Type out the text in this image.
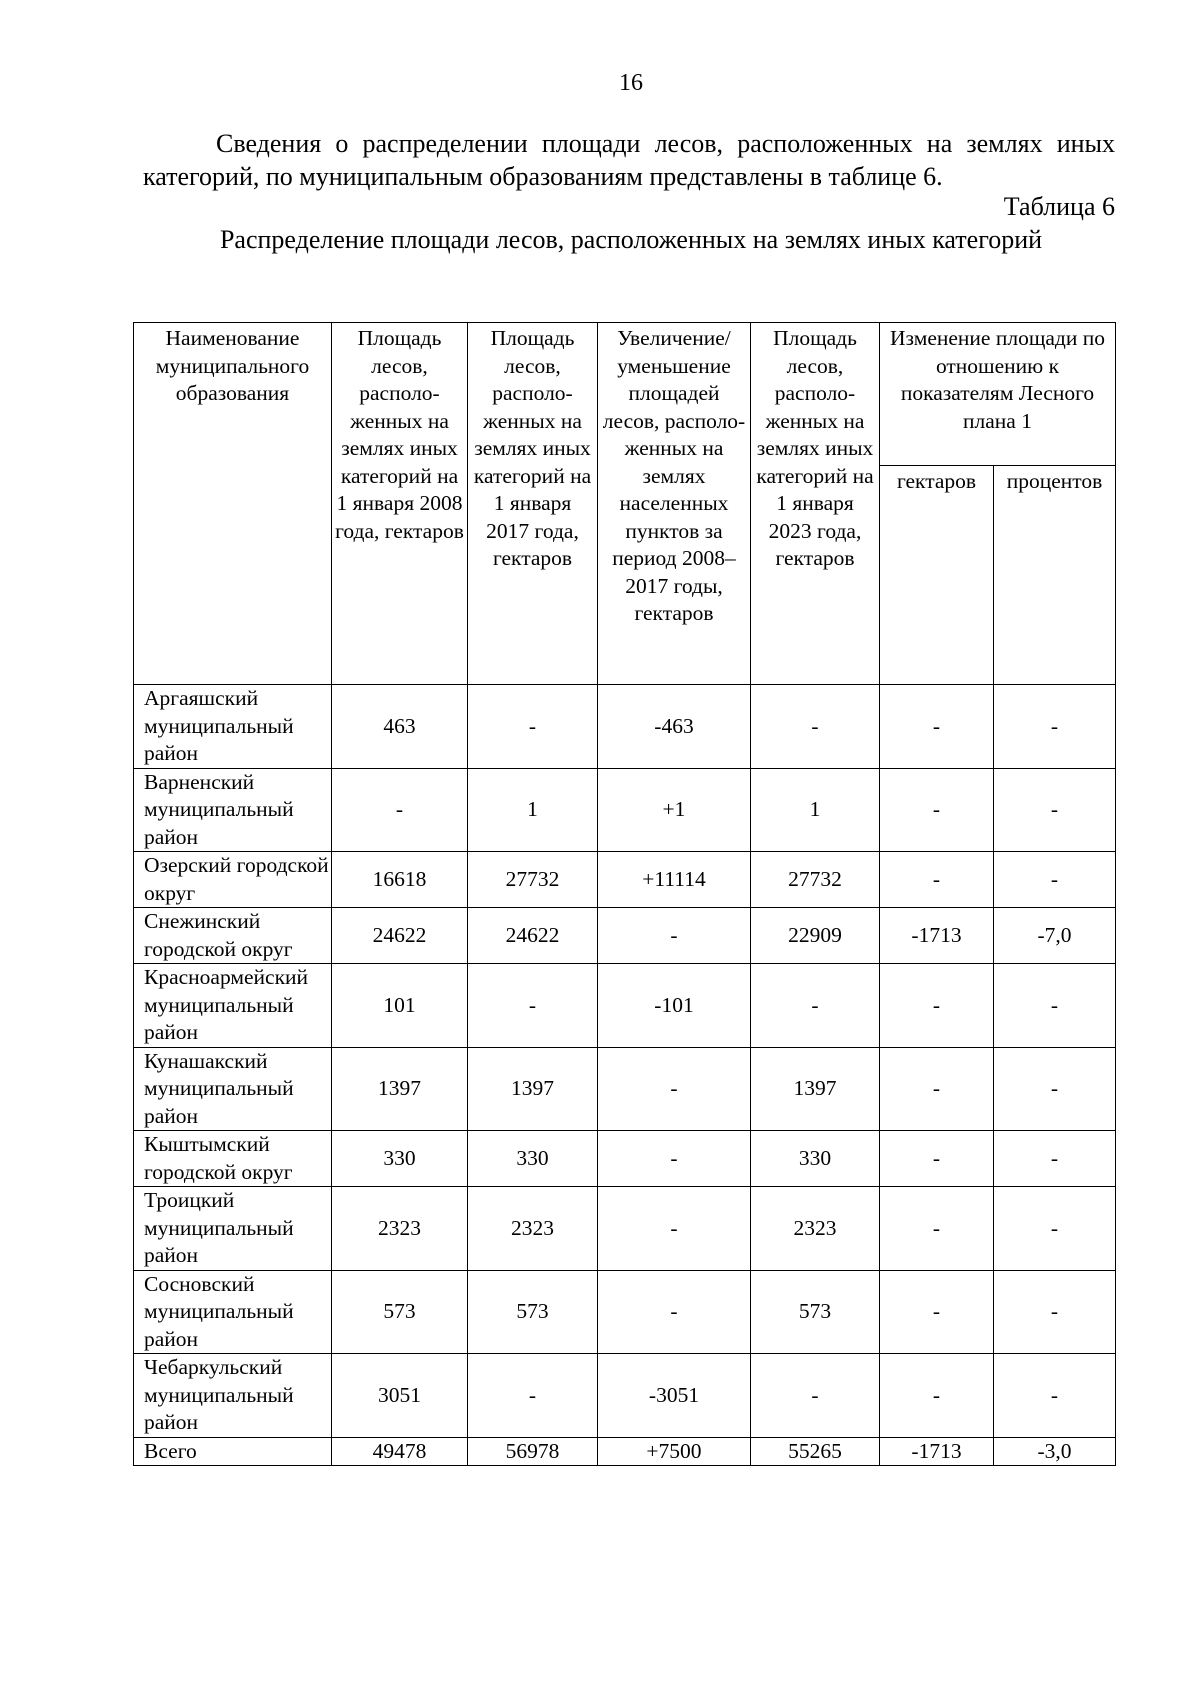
16

Сведения о распределении площади лесов, расположенных на землях иных категорий, по муниципальным образованиям представлены в таблице 6.

Таблица 6
Распределение площади лесов, расположенных на землях иных категорий
Наименование муниципального образования	Площадь лесов, располо-женных на землях иных категорий на 1 января 2008 года, гектаров	Площадь лесов, располо-женных на землях иных категорий на 1 января 2017 года, гектаров	Увеличение/ уменьшение площадей лесов, располо-женных на землях населенных пунктов за период 2008–2017 годы, гектаров	Площадь лесов, располо-женных на землях иных категорий на 1 января 2023 года, гектаров	Изменение площади по отношению к показателям Лесного плана 1	
					гектаров	процентов
Аргаяшский муниципальный район	463	-	-463	-	-	-
Варненский муниципальный район	-	1	+1	1	-	-
Озерский городской округ	16618	27732	+11114	27732	-	-
Снежинский городской округ	24622	24622	-	22909	-1713	-7,0
Красноармейский муниципальный район	101	-	-101	-	-	-
Кунашакский муниципальный район	1397	1397	-	1397	-	-
Кыштымский городской округ	330	330	-	330	-	-
Троицкий муниципальный район	2323	2323	-	2323	-	-
Сосновский муниципальный район	573	573	-	573	-	-
Чебаркульский муниципальный район	3051	-	-3051	-	-	-
Всего	49478	56978	+7500	55265	-1713	-3,0
